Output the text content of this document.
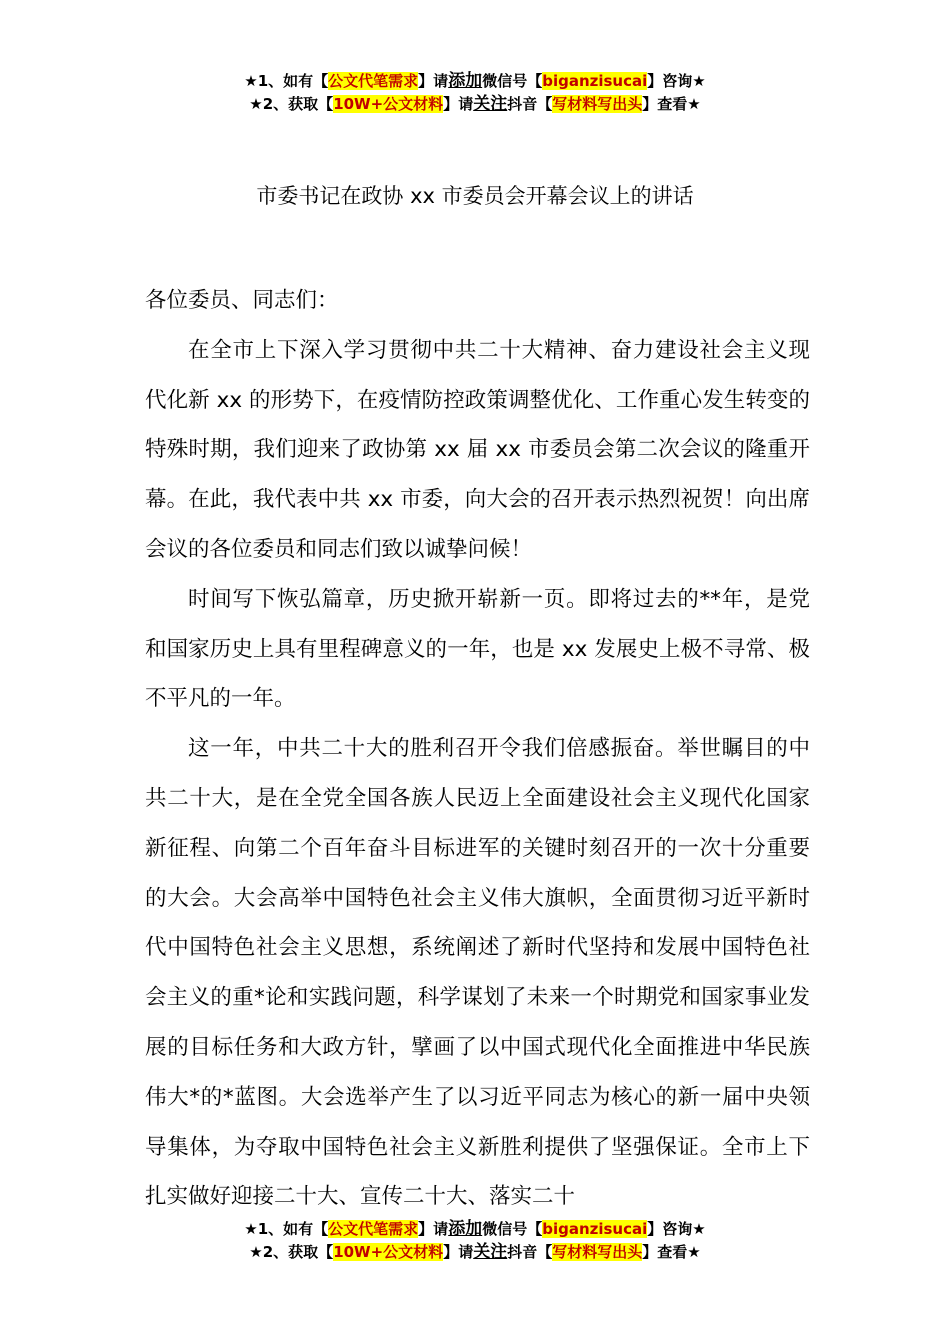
★1、如有【公文代笔需求】请添加微信号【biganzisucai】咨询★
★2、获取【10W+公文材料】请关注抖音【写材料写出头】查看★
市委书记在政协 xx 市委员会开幕会议上的讲话

各位委员、同志们：

在全市上下深入学习贯彻中共二十大精神、奋力建设社会主义现代化新 xx 的形势下，在疫情防控政策调整优化、工作重心发生转变的特殊时期，我们迎来了政协第 xx 届 xx 市委员会第二次会议的隆重开幕。在此，我代表中共 xx 市委，向大会的召开表示热烈祝贺！向出席会议的各位委员和同志们致以诚挚问候！

时间写下恢弘篇章，历史掀开崭新一页。即将过去的**年，是党和国家历史上具有里程碑意义的一年，也是 xx 发展史上极不寻常、极不平凡的一年。

这一年，中共二十大的胜利召开令我们倍感振奋。举世瞩目的中共二十大，是在全党全国各族人民迈上全面建设社会主义现代化国家新征程、向第二个百年奋斗目标进军的关键时刻召开的一次十分重要的大会。大会高举中国特色社会主义伟大旗帜，全面贯彻习近平新时代中国特色社会主义思想，系统阐述了新时代坚持和发展中国特色社会主义的重*论和实践问题，科学谋划了未来一个时期党和国家事业发展的目标任务和大政方针，擘画了以中国式现代化全面推进中华民族伟大*的*蓝图。大会选举产生了以习近平同志为核心的新一届中央领导集体，为夺取中国特色社会主义新胜利提供了坚强保证。全市上下扎实做好迎接二十大、宣传二十大、落实二十

★1、如有【公文代笔需求】请添加微信号【biganzisucai】咨询★
★2、获取【10W+公文材料】请关注抖音【写材料写出头】查看★
